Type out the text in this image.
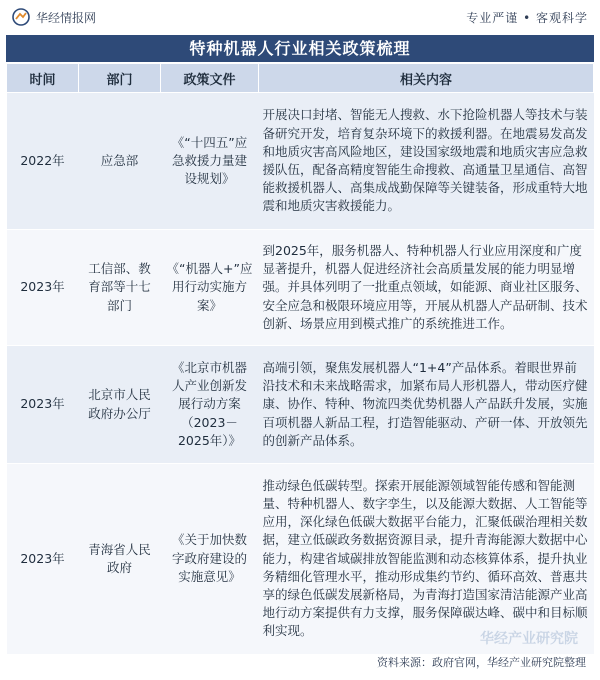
华经情报网	专业严谨 • 客观科学
特种机器人行业相关政策梳理
时间	部门	政策文件	相关内容
2022年	应急部	《“十四五”应急救援力量建设规划》	开展决口封堵、智能无人搜救、水下抢险机器人等技术与装备研究开发，培育复杂环境下的救援利器。在地震易发高发和地质灾害高风险地区，建设国家级地震和地质灾害应急救援队伍，配备高精度智能生命搜救、高通量卫星通信、高智能救援机器人、高集成战勤保障等关键装备，形成重特大地震和地质灾害救援能力。
2023年	工信部、教育部等十七部门	《“机器人+”应用行动实施方案》	到2025年，服务机器人、特种机器人行业应用深度和广度显著提升，机器人促进经济社会高质量发展的能力明显增强。并具体列明了一批重点领域，如能源、商业社区服务、安全应急和极限环境应用等，开展从机器人产品研制、技术创新、场景应用到模式推广的系统推进工作。
2023年	北京市人民政府办公厅	《北京市机器人产业创新发展行动方案（2023－2025年）》	高端引领，聚焦发展机器人“1+4”产品体系。着眼世界前沿技术和未来战略需求，加紧布局人形机器人，带动医疗健康、协作、特种、物流四类优势机器人产品跃升发展，实施百项机器人新品工程，打造智能驱动、产研一体、开放领先的创新产品体系。
2023年	青海省人民政府	《关于加快数字政府建设的实施意见》	推动绿色低碳转型。探索开展能源领域智能传感和智能测量、特种机器人、数字孪生，以及能源大数据、人工智能等应用，深化绿色低碳大数据平台能力，汇聚低碳治理相关数据，建立低碳政务数据资源目录，提升青海能源大数据中心能力，构建省域碳排放智能监测和动态核算体系，提升执业务精细化管理水平，推动形成集约节约、循环高效、普惠共享的绿色低碳发展新格局，为青海打造国家清洁能源产业高地行动方案提供有力支撑，服务保障碳达峰、碳中和目标顺利实现。
华经产业研究院
资料来源：政府官网，华经产业研究院整理
